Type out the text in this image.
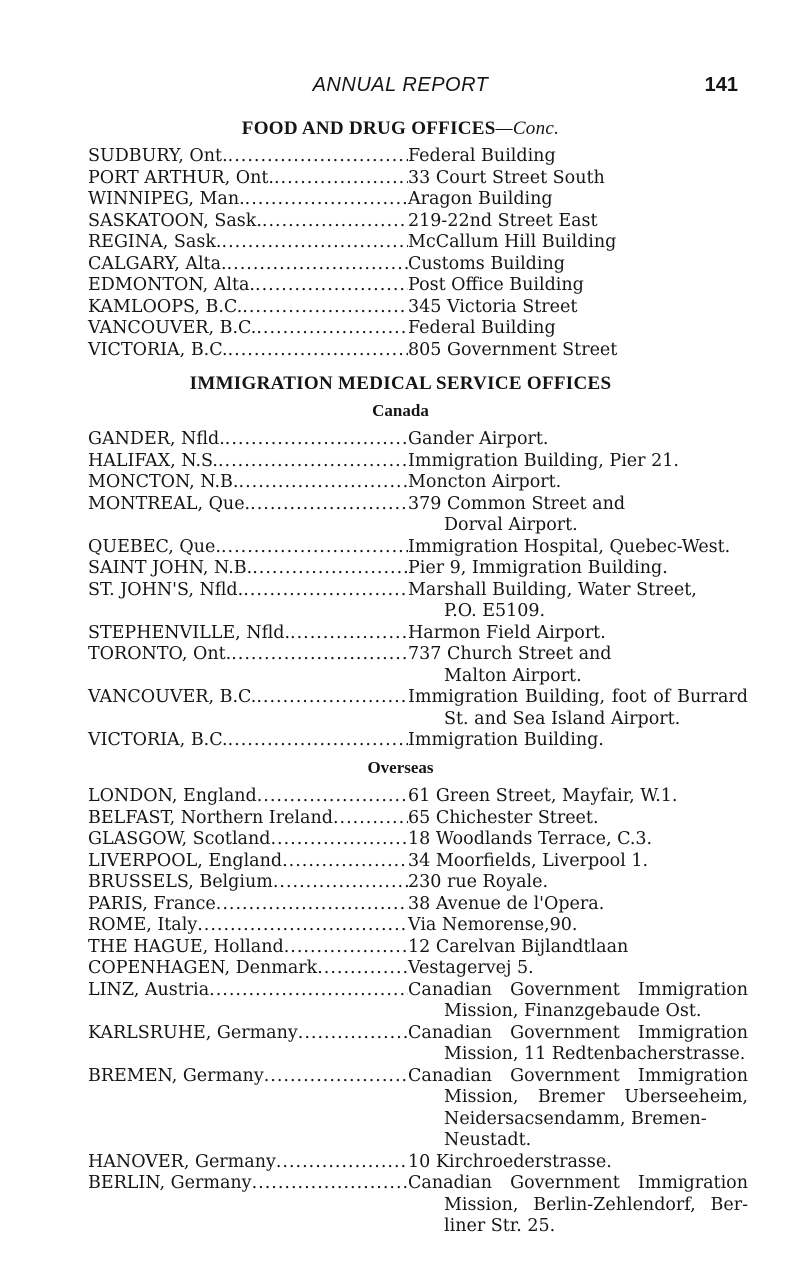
ANNUAL REPORT	141
FOOD AND DRUG OFFICES—Conc.
SUDBURY, Ont. .....	Federal Building
PORT ARTHUR, Ont. .....	33 Court Street South
WINNIPEG, Man. .....	Aragon Building
SASKATOON, Sask. .....	219-22nd Street East
REGINA, Sask. .....	McCallum Hill Building
CALGARY, Alta. .....	Customs Building
EDMONTON, Alta. .....	Post Office Building
KAMLOOPS, B.C. .....	345 Victoria Street
VANCOUVER, B.C. .....	Federal Building
VICTORIA, B.C. .....	805 Government Street
IMMIGRATION MEDICAL SERVICE OFFICES
Canada
GANDER, Nfld. .....	Gander Airport.
HALIFAX, N.S. .....	Immigration Building, Pier 21.
MONCTON, N.B. .....	Moncton Airport.
MONTREAL, Que. .....	379 Common Street and
Dorval Airport.
QUEBEC, Que. .....	Immigration Hospital, Quebec-West.
SAINT JOHN, N.B. .....	Pier 9, Immigration Building.
ST. JOHN'S, Nfld. .....	Marshall Building, Water Street,
P.O. E5109.
STEPHENVILLE, Nfld. .....	Harmon Field Airport.
TORONTO, Ont. .....	737 Church Street and
Malton Airport.
VANCOUVER, B.C. .....	Immigration Building, foot of Burrard
St. and Sea Island Airport.
VICTORIA, B.C. .....	Immigration Building.
Overseas
LONDON, England .....	61 Green Street, Mayfair, W.1.
BELFAST, Northern Ireland .....	65 Chichester Street.
GLASGOW, Scotland .....	18 Woodlands Terrace, C.3.
LIVERPOOL, England .....	34 Moorfields, Liverpool 1.
BRUSSELS, Belgium .....	230 rue Royale.
PARIS, France .....	38 Avenue de l'Opera.
ROME, Italy .....	Via Nemorense,90.
THE HAGUE, Holland .....	12 Carelvan Bijlandtlaan
COPENHAGEN, Denmark .....	Vestagervej 5.
LINZ, Austria .....	Canadian Government Immigration
Mission, Finanzgebaude Ost.
KARLSRUHE, Germany .....	Canadian Government Immigration
Mission, 11 Redtenbacherstrasse.
BREMEN, Germany .....	Canadian Government Immigration
Mission, Bremer Uberseeheim,
Neidersacsendamm, Bremen-
Neustadt.
HANOVER, Germany .....	10 Kirchroederstrasse.
BERLIN, Germany .....	Canadian Government Immigration
Mission, Berlin-Zehlendorf, Ber-
liner Str. 25.
